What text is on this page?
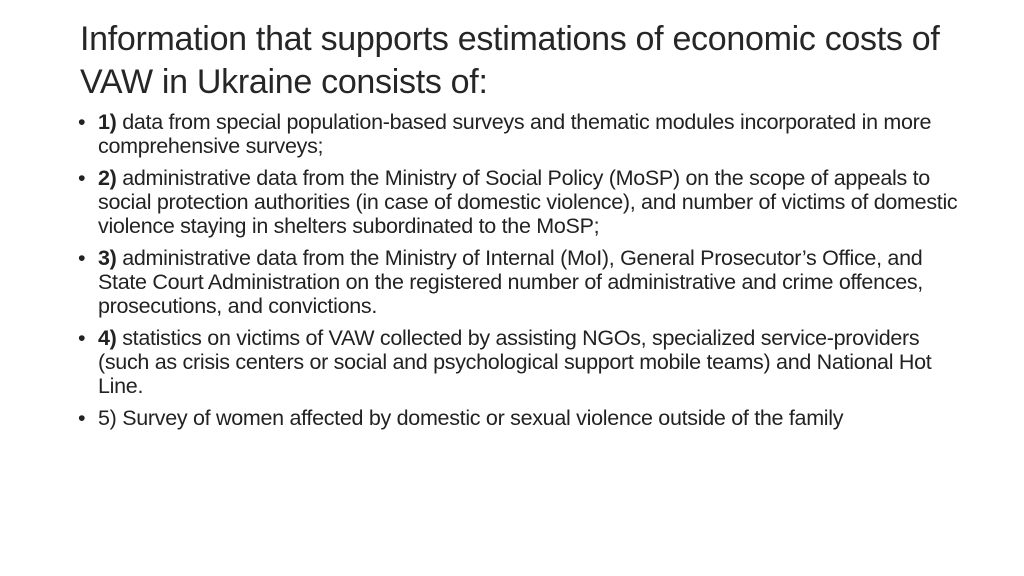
Information that supports estimations of economic costs of VAW in Ukraine consists of:
• 1) data from special population-based surveys and thematic modules incorporated in more comprehensive surveys;
• 2) administrative data from the Ministry of Social Policy (MoSP) on the scope of appeals to social protection authorities (in case of domestic violence), and number of victims of domestic violence staying in shelters subordinated to the MoSP;
• 3) administrative data from the Ministry of Internal (MoI), General Prosecutor’s Office, and State Court Administration on the registered number of administrative and crime offences, prosecutions, and convictions.
• 4) statistics on victims of VAW collected by assisting NGOs, specialized service-providers (such as crisis centers or social and psychological support mobile teams) and National Hot Line.
• 5) Survey of women affected by domestic or sexual violence outside of the family
